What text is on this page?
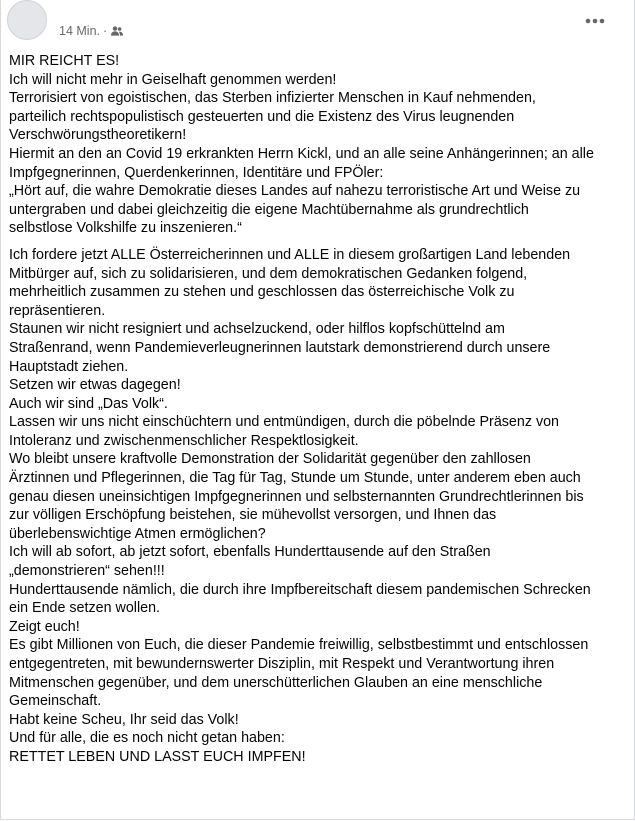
14 Min. ·

MIR REICHT ES!

Ich will nicht mehr in Geiselhaft genommen werden!

Terrorisiert von egoistischen, das Sterben infizierter Menschen in Kauf nehmenden,

parteilich rechtspopulistisch gesteuerten und die Existenz des Virus leugnenden

Verschwörungstheoretikern!

Hiermit an den an Covid 19 erkrankten Herrn Kickl, und an alle seine Anhängerinnen; an alle

Impfgegnerinnen, Querdenkerinnen, Identitäre und FPÖler:

„Hört auf, die wahre Demokratie dieses Landes auf nahezu terroristische Art und Weise zu

untergraben und dabei gleichzeitig die eigene Machtübernahme als grundrechtlich

selbstlose Volkshilfe zu inszenieren.“

Ich fordere jetzt ALLE Österreicherinnen und ALLE in diesem großartigen Land lebenden

Mitbürger auf, sich zu solidarisieren, und dem demokratischen Gedanken folgend,

mehrheitlich zusammen zu stehen und geschlossen das österreichische Volk zu

repräsentieren.

Staunen wir nicht resigniert und achselzuckend, oder hilflos kopfschüttelnd am

Straßenrand, wenn Pandemieverleugnerinnen lautstark demonstrierend durch unsere

Hauptstadt ziehen.

Setzen wir etwas dagegen!

Auch wir sind „Das Volk“.

Lassen wir uns nicht einschüchtern und entmündigen, durch die pöbelnde Präsenz von

Intoleranz und zwischenmenschlicher Respektlosigkeit.

Wo bleibt unsere kraftvolle Demonstration der Solidarität gegenüber den zahllosen

Ärztinnen und Pflegerinnen, die Tag für Tag, Stunde um Stunde, unter anderem eben auch

genau diesen uneinsichtigen Impfgegnerinnen und selbsternannten Grundrechtlerinnen bis

zur völligen Erschöpfung beistehen, sie mühevollst versorgen, und Ihnen das

überlebenswichtige Atmen ermöglichen?

Ich will ab sofort, ab jetzt sofort, ebenfalls Hunderttausende auf den Straßen

„demonstrieren“ sehen!!!

Hunderttausende nämlich, die durch ihre Impfbereitschaft diesem pandemischen Schrecken

ein Ende setzen wollen.

Zeigt euch!

Es gibt Millionen von Euch, die dieser Pandemie freiwillig, selbstbestimmt und entschlossen

entgegentreten, mit bewundernswerter Disziplin, mit Respekt und Verantwortung ihren

Mitmenschen gegenüber, und dem unerschütterlichen Glauben an eine menschliche

Gemeinschaft.

Habt keine Scheu, Ihr seid das Volk!

Und für alle, die es noch nicht getan haben:

RETTET LEBEN UND LASST EUCH IMPFEN!
